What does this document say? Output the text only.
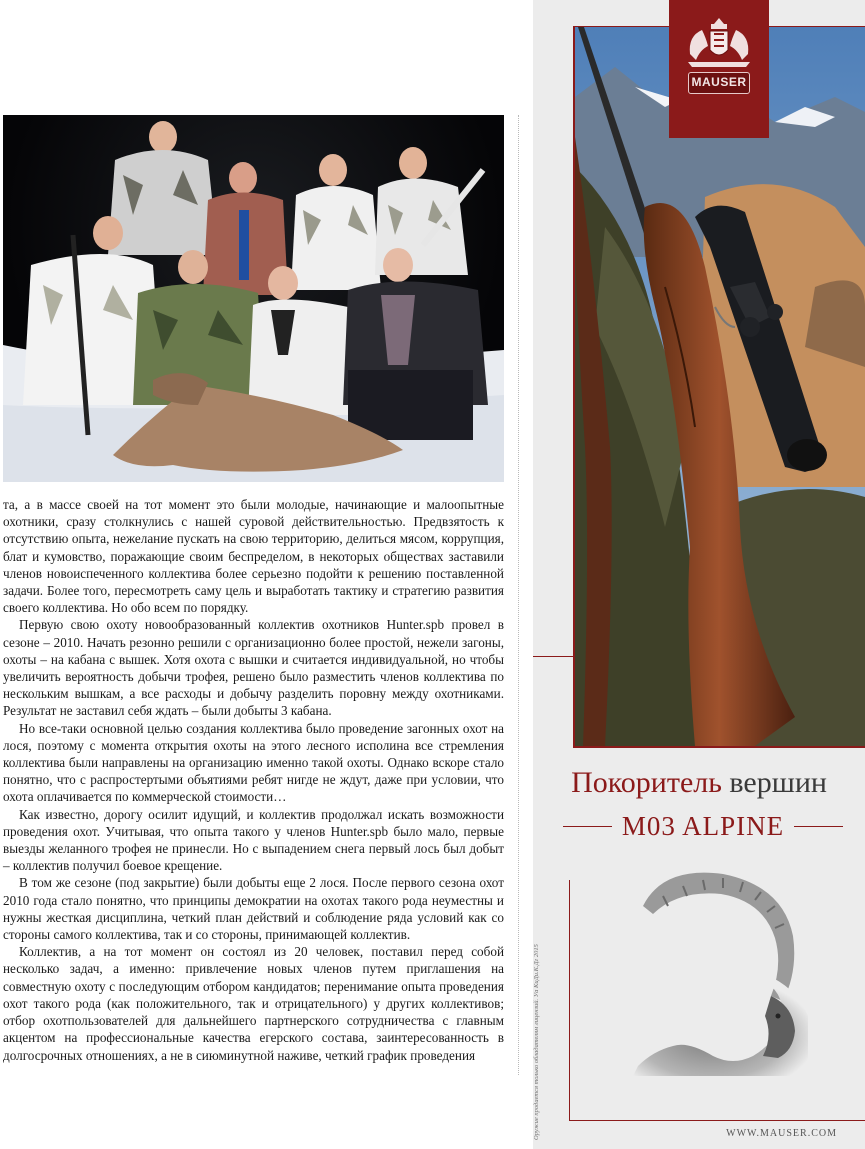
та, а в массе своей на тот момент это были молодые, начинающие и малоопытные охотники, сразу столкнулись с нашей суровой действительностью. Предвзятость к отсутствию опыта, нежелание пускать на свою территорию, делиться мясом, коррупция, блат и кумовство, поражающие своим беспределом, в некоторых обществах заставили членов новоиспеченного коллектива более серьезно подойти к решению поставленной задачи. Более того, пересмотреть саму цель и выработать тактику и стратегию развития своего коллектива. Но обо всем по порядку.

Первую свою охоту новообразованный коллектив охотников Hunter.spb провел в сезоне – 2010. Начать резонно решили с организационно более простой, нежели загоны, охоты – на кабана с вышек. Хотя охота с вышки и считается индивидуальной, но чтобы увеличить вероятность добычи трофея, решено было разместить членов коллектива по нескольким вышкам, а все расходы и добычу разделить поровну между охотниками. Результат не заставил себя ждать – были добыты 3 кабана.

Но все-таки основной целью создания коллектива было проведение загонных охот на лося, поэтому с момента открытия охоты на этого лесного исполина все стремления коллектива были направлены на организацию именно такой охоты. Однако вскоре стало понятно, что с распростертыми объятиями ребят нигде не ждут, даже при условии, что охота оплачивается по коммерческой стоимости…

Как известно, дорогу осилит идущий, и коллектив продолжал искать возможности проведения охот. Учитывая, что опыта такого у членов Hunter.spb было мало, первые выезды желанного трофея не принесли. Но с выпадением снега первый лось был добыт – коллектив получил боевое крещение.

В том же сезоне (под закрытие) были добыты еще 2 лося. После первого сезона охот 2010 года стало понятно, что принципы демократии на охотах такого рода неуместны и нужны жесткая дисциплина, четкий план действий и соблюдение ряда условий как со стороны самого коллектива, так и со стороны, принимающей коллектив.

Коллектив, а на тот момент он состоял из 20 человек, поставил перед собой несколько задач, а именно: привлечение новых членов путем приглашения на совместную охоту с последующим отбором кандидатов; перенимание опыта проведения охот такого рода (как положительного, так и отрицательного) у других коллективов; отбор охотпользователей для дальнейшего партнерского сотрудничества с главным акцентом на профессиональные качества егерского состава, заинтересованность в долгосрочных отношениях, а не в сиюминутной наживе, четкий график проведения

MAUSER
Покоритель вершин
M03 ALPINE
Оружие продается только обладателям лицензий. Уа КиДи.К.Дг 2015	WWW.MAUSER.COM
